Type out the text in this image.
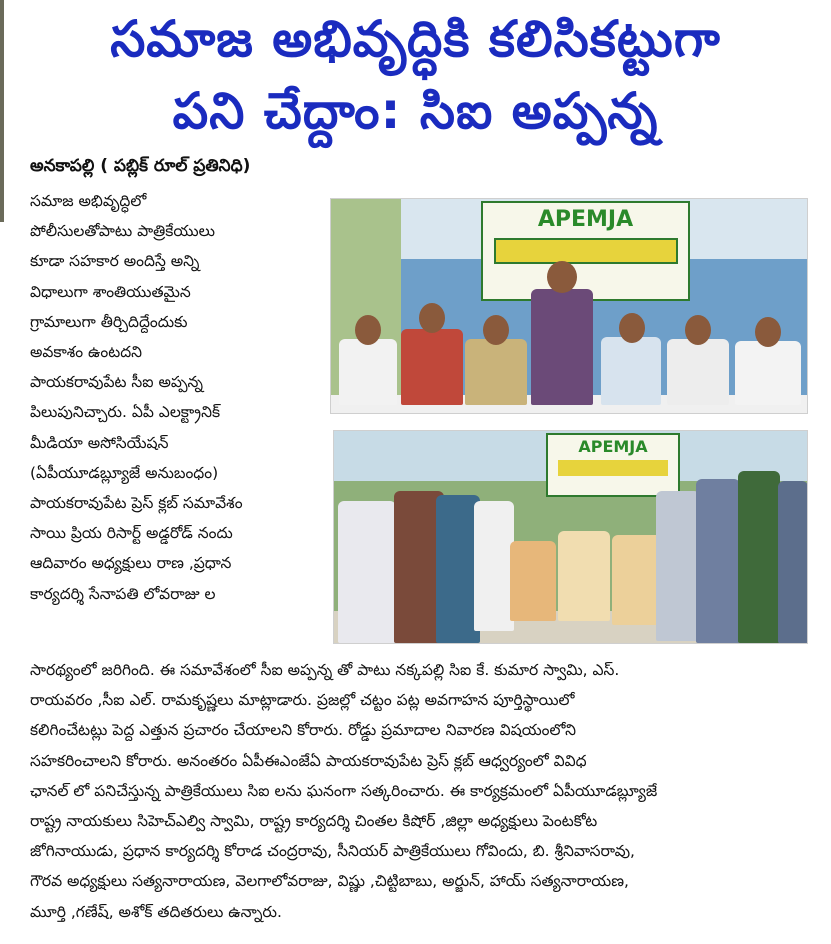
సమాజ అభివృద్ధికి కలిసికట్టుగా
పని చేద్దాం: సిఐ అప్పన్న
అనకాపల్లి ( పబ్లిక్ రూల్ ప్రతినిధి)

సమాజ అభివృద్ధిలో

పోలీసులతోపాటు పాత్రికేయులు

కూడా సహకార అందిస్తే అన్ని

విధాలుగా శాంతియుతమైన

గ్రామాలుగా తీర్చిదిద్దేందుకు

అవకాశం ఉంటదని

పాయకరావుపేట సీఐ అప్పన్న

పిలుపునిచ్చారు. ఏపీ ఎలక్ట్రానిక్

మీడియా అసోసియేషన్

(ఏపీయూడబ్ల్యూజే అనుబంధం)

పాయకరావుపేట ప్రెస్ క్లబ్ సమావేశం

సాయి ప్రియ రిసార్ట్ అడ్డరోడ్ నందు

ఆదివారం అధ్యక్షులు రాణ ,ప్రధాన

కార్యదర్శి సేనాపతి లోవరాజు ల

APEMJA
APEMJA

సారథ్యంలో జరిగింది. ఈ సమావేశంలో సీఐ అప్పన్న తో పాటు నక్కపల్లి సిఐ కే. కుమార స్వామి, ఎస్.

రాయవరం ,సీఐ ఎల్. రామకృష్ణలు మాట్లాడారు. ప్రజల్లో చట్టం పట్ల అవగాహన పూర్తిస్థాయిలో

కలిగించేటట్లు పెద్ద ఎత్తున ప్రచారం చేయాలని కోరారు. రోడ్డు ప్రమాదాల నివారణ విషయంలోని

సహకరించాలని కోరారు. అనంతరం ఏపీఈఎంజేఏ పాయకరావుపేట ప్రెస్ క్లబ్ ఆధ్వర్యంలో వివిధ

ఛానల్ లో పనిచేస్తున్న పాత్రికేయులు సిఐ లను ఘనంగా సత్కరించారు. ఈ కార్యక్రమంలో ఏపీయూడబ్ల్యూజే

రాష్ట్ర నాయకులు సిహెచ్ఎల్వి స్వామి, రాష్ట్ర కార్యదర్శి చింతల కిషోర్ ,జిల్లా అధ్యక్షులు పెంటకోట

జోగినాయుడు, ప్రధాన కార్యదర్శి కోరాడ చంద్రరావు, సీనియర్ పాత్రికేయులు గోవిందు, బి. శ్రీనివాసరావు,

గౌరవ అధ్యక్షులు సత్యనారాయణ, వెలగాలోవరాజు, విష్ణు ,చిట్టిబాబు, అర్జున్, హాయ్ సత్యనారాయణ,

మూర్తి ,గణేష్, అశోక్ తదితరులు ఉన్నారు.
